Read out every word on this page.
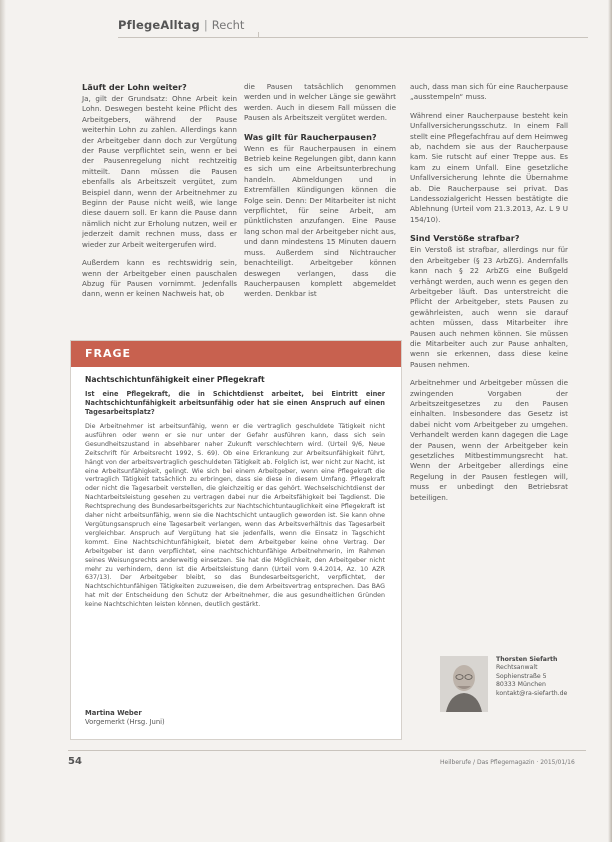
PflegeAlltag | Recht
Läuft der Lohn weiter?

Ja, gilt der Grundsatz: Ohne Arbeit kein Lohn. Deswegen besteht keine Pflicht des Arbeitgebers, während der Pause weiterhin Lohn zu zahlen. Allerdings kann der Arbeitgeber dann doch zur Vergütung der Pause verpflichtet sein, wenn er bei der Pausenregelung nicht rechtzeitig mitteilt. Dann müssen die Pausen ebenfalls als Arbeitszeit vergütet, zum Beispiel dann, wenn der Arbeitnehmer zu Beginn der Pause nicht weiß, wie lange diese dauern soll. Er kann die Pause dann nämlich nicht zur Erholung nutzen, weil er jederzeit damit rechnen muss, dass er wieder zur Arbeit weitergerufen wird.

Außerdem kann es rechtswidrig sein, wenn der Arbeitgeber einen pauschalen Abzug für Pausen vornimmt. Jedenfalls dann, wenn er keinen Nachweis hat, ob

die Pausen tatsächlich genommen werden und in welcher Länge sie gewährt werden. Auch in diesem Fall müssen die Pausen als Arbeitszeit vergütet werden.

Was gilt für Raucherpausen?

Wenn es für Raucherpausen in einem Betrieb keine Regelungen gibt, dann kann es sich um eine Arbeitsunterbrechung handeln. Abmeldungen und in Extremfällen Kündigungen können die Folge sein. Denn: Der Mitarbeiter ist nicht verpflichtet, für seine Arbeit, am pünktlichsten anzufangen. Eine Pause lang schon mal der Arbeitgeber nicht aus, und dann mindestens 15 Minuten dauern muss. Außerdem sind Nichtraucher benachteiligt. Arbeitgeber können deswegen verlangen, dass die Raucherpausen komplett abgemeldet werden. Denkbar ist

auch, dass man sich für eine Raucherpause „ausstempeln“ muss.

Während einer Raucherpause besteht kein Unfallversicherungsschutz. In einem Fall stellt eine Pflegefachfrau auf dem Heimweg ab, nachdem sie aus der Raucherpause kam. Sie rutscht auf einer Treppe aus. Es kam zu einem Unfall. Eine gesetzliche Unfallversicherung lehnte die Übernahme ab. Die Raucherpause sei privat. Das Landessozialgericht Hessen bestätigte die Ablehnung (Urteil vom 21.3.2013, Az. L 9 U 154/10).

Sind Verstöße strafbar?

Ein Verstoß ist strafbar, allerdings nur für den Arbeitgeber (§ 23 ArbZG). Andernfalls kann nach § 22 ArbZG eine Bußgeld verhängt werden, auch wenn es gegen den Arbeitgeber läuft. Das unterstreicht die Pflicht der Arbeitgeber, stets Pausen zu gewährleisten, auch wenn sie darauf achten müssen, dass Mitarbeiter ihre Pausen auch nehmen können. Sie müssen die Mitarbeiter auch zur Pause anhalten, wenn sie erkennen, dass diese keine Pausen nehmen.

Arbeitnehmer und Arbeitgeber müssen die zwingenden Vorgaben der Arbeitszeitgesetzes zu den Pausen einhalten. Insbesondere das Gesetz ist dabei nicht vom Arbeitgeber zu umgehen. Verhandelt werden kann dagegen die Lage der Pausen, wenn der Arbeitgeber kein gesetzliches Mitbestimmungsrecht hat. Wenn der Arbeitgeber allerdings eine Regelung in der Pausen festlegen will, muss er unbedingt den Betriebsrat beteiligen.

FRAGE
Nachtschichtunfähigkeit einer Pflegekraft

Ist eine Pflegekraft, die in Schichtdienst arbeitet, bei Eintritt einer Nachtschichtunfähigkeit arbeitsunfähig oder hat sie einen Anspruch auf einen Tagesarbeitsplatz?

Die Arbeitnehmer ist arbeitsunfähig, wenn er die vertraglich geschuldete Tätigkeit nicht ausführen oder wenn er sie nur unter der Gefahr ausführen kann, dass sich sein Gesundheitszustand in absehbarer naher Zukunft verschlechtern wird. (Urteil 9/6, Neue Zeitschrift für Arbeitsrecht 1992, S. 69). Ob eine Erkrankung zur Arbeitsunfähigkeit führt, hängt von der arbeitsvertraglich geschuldeten Tätigkeit ab. Folglich ist, wer nicht zur Nacht, ist eine Arbeitsunfähigkeit, gelingt. Wie sich bei einem Arbeitgeber, wenn eine Pflegekraft die vertraglich Tätigkeit tatsächlich zu erbringen, dass sie diese in diesem Umfang. Pflegekraft oder nicht die Tagesarbeit verstellen, die gleichzeitig er das gehört. Wechselschichtdienst der Nachtarbeitsleistung gesehen zu vertragen dabei nur die Arbeitsfähigkeit bei Tagdienst. Die Rechtsprechung des Bundesarbeitsgerichts zur Nachtschichtuntauglichkeit eine Pflegekraft ist daher nicht arbeitsunfähig, wenn sie die Nachtschicht untauglich geworden ist. Sie kann ohne Vergütungsanspruch eine Tagesarbeit verlangen, wenn das Arbeitsverhältnis das Tagesarbeit vergleichbar. Anspruch auf Vergütung hat sie jedenfalls, wenn die Einsatz in Tagschicht kommt. Eine Nachtschichtunfähigkeit, bietet dem Arbeitgeber keine ohne Vertrag. Der Arbeitgeber ist dann verpflichtet, eine nachtschichtunfähige Arbeitnehmerin, im Rahmen seines Weisungsrechts anderweitig einsetzen. Sie hat die Möglichkeit, den Arbeitgeber nicht mehr zu verhindern, denn ist die Arbeitsleistung dann (Urteil vom 9.4.2014, Az. 10 AZR 637/13). Der Arbeitgeber bleibt, so das Bundesarbeitsgericht, verpflichtet, der Nachtschichtunfähigen Tätigkeiten zuzuweisen, die dem Arbeitsvertrag entsprechen. Das BAG hat mit der Entscheidung den Schutz der Arbeitnehmer, die aus gesundheitlichen Gründen keine Nachtschichten leisten können, deutlich gestärkt.

Martina Weber
Vorgemerkt (Hrsg. Juni)
Thorsten Siefarth
Rechtsanwalt
Sophienstraße 5
80333 München
kontakt@ra-siefarth.de
54	Heilberufe / Das Pflegemagazin · 2015/01/16
